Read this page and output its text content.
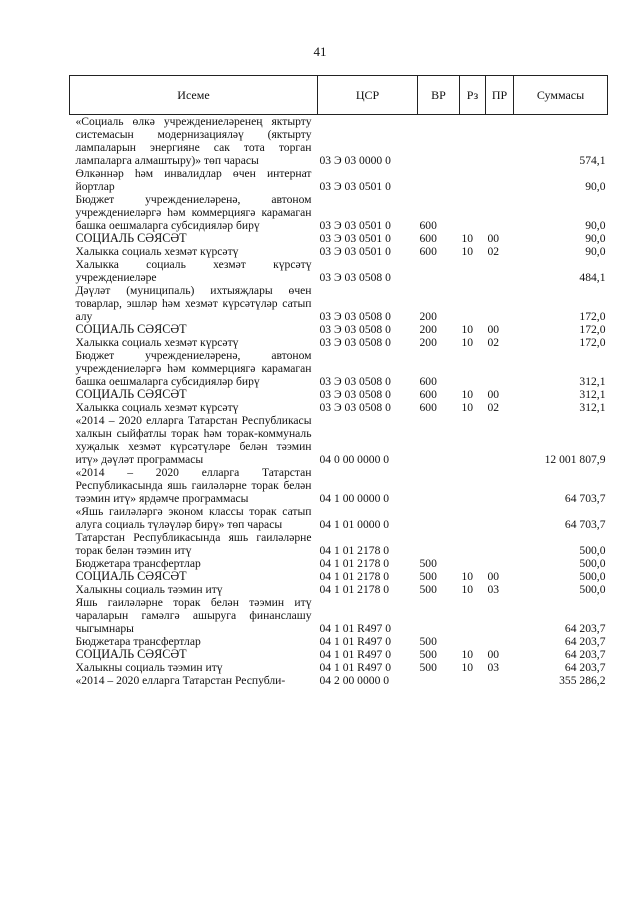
41
Исеме	ЦСР	ВР	Рз	ПР	Суммасы
«Социаль өлкә учреждениеләренең яктырту системасын модернизацияләү (яктырту лампаларын энергияне сак тота торган лампаларга алмаштыру)» төп чарасы	03 Э 03 0000 0				574,1
Өлкәннәр һәм инвалидлар өчен интернат йортлар	03 Э 03 0501 0				90,0
Бюджет учреждениеләренә, автоном учреждениеләргә һәм коммерциягә карамаган башка оешмаларга субсидияләр бирү	03 Э 03 0501 0	600			90,0
СОЦИАЛЬ СӘЯСӘТ	03 Э 03 0501 0	600	10	00	90,0
Халыкка социаль хезмәт күрсәтү	03 Э 03 0501 0	600	10	02	90,0
Халыкка социаль хезмәт күрсәтү учреждениеләре	03 Э 03 0508 0				484,1
Дәүләт (муниципаль) ихтыяҗлары өчен товарлар, эшләр һәм хезмәт күрсәтүләр сатып алу	03 Э 03 0508 0	200			172,0
СОЦИАЛЬ СӘЯСӘТ	03 Э 03 0508 0	200	10	00	172,0
Халыкка социаль хезмәт күрсәтү	03 Э 03 0508 0	200	10	02	172,0
Бюджет учреждениеләренә, автоном учреждениеләргә һәм коммерциягә карамаган башка оешмаларга субсидияләр бирү	03 Э 03 0508 0	600			312,1
СОЦИАЛЬ СӘЯСӘТ	03 Э 03 0508 0	600	10	00	312,1
Халыкка социаль хезмәт күрсәтү	03 Э 03 0508 0	600	10	02	312,1
«2014 – 2020 елларга Татарстан Республикасы халкын сыйфатлы торак һәм торак-коммуналь хуҗалык хезмәт күрсәтүләре белән тәэмин итү» дәүләт программасы	04 0 00 0000 0				12 001 807,9
«2014 – 2020 елларга Татарстан Республикасында яшь гаиләләрне торак белән тәэмин итү» ярдәмче программасы	04 1 00 0000 0				64 703,7
«Яшь гаиләләргә эконом классы торак сатып алуга социаль түләүләр бирү» төп чарасы	04 1 01 0000 0				64 703,7
Татарстан Республикасында яшь гаиләләрне торак белән тәэмин итү	04 1 01 2178 0				500,0
Бюджетара трансфертлар	04 1 01 2178 0	500			500,0
СОЦИАЛЬ СӘЯСӘТ	04 1 01 2178 0	500	10	00	500,0
Халыкны социаль тәэмин итү	04 1 01 2178 0	500	10	03	500,0
Яшь гаиләләрне торак белән тәэмин итү чараларын гамәлгә ашыруга финанслашу чыгымнары	04 1 01 R497 0				64 203,7
Бюджетара трансфертлар	04 1 01 R497 0	500			64 203,7
СОЦИАЛЬ СӘЯСӘТ	04 1 01 R497 0	500	10	00	64 203,7
Халыкны социаль тәэмин итү	04 1 01 R497 0	500	10	03	64 203,7
«2014 – 2020 елларга Татарстан Республи-	04 2 00 0000 0				355 286,2
